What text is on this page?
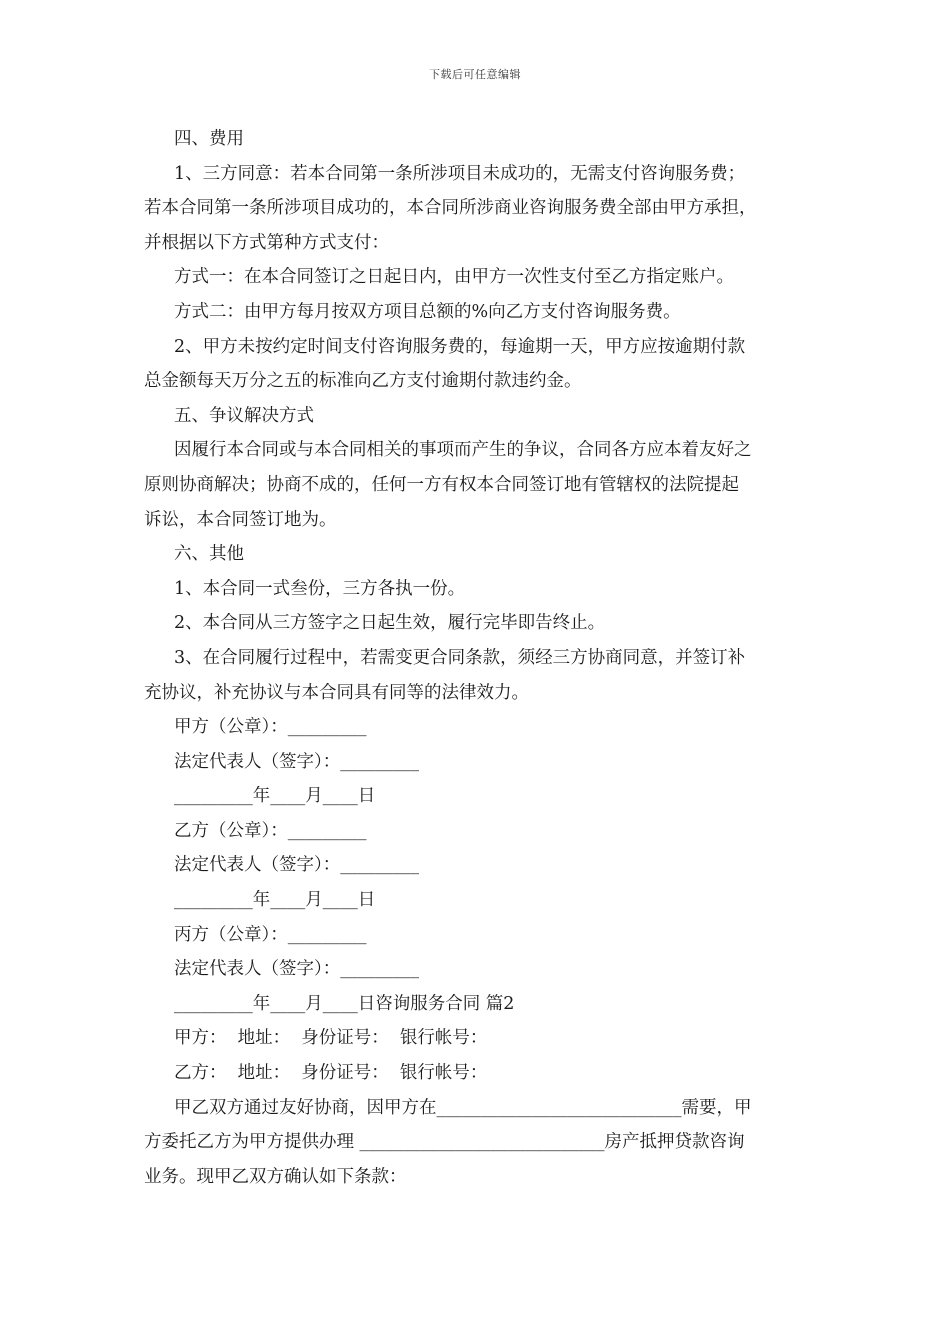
下载后可任意编辑

四、费用

1、三方同意：若本合同第一条所涉项目未成功的，无需支付咨询服务费；

若本合同第一条所涉项目成功的，本合同所涉商业咨询服务费全部由甲方承担，

并根据以下方式第种方式支付：

方式一：在本合同签订之日起日内，由甲方一次性支付至乙方指定账户。

方式二：由甲方每月按双方项目总额的%向乙方支付咨询服务费。

2、甲方未按约定时间支付咨询服务费的，每逾期一天，甲方应按逾期付款

总金额每天万分之五的标准向乙方支付逾期付款违约金。

五、争议解决方式

因履行本合同或与本合同相关的事项而产生的争议，合同各方应本着友好之

原则协商解决；协商不成的，任何一方有权本合同签订地有管辖权的法院提起

诉讼，本合同签订地为。

六、其他

1、本合同一式叁份，三方各执一份。

2、本合同从三方签字之日起生效，履行完毕即告终止。

3、在合同履行过程中，若需变更合同条款，须经三方协商同意，并签订补

充协议，补充协议与本合同具有同等的法律效力。

甲方（公章）：_________

法定代表人（签字）：_________

_________年____月____日

乙方（公章）：_________

法定代表人（签字）：_________

_________年____月____日

丙方（公章）：_________

法定代表人（签字）：_________

_________年____月____日咨询服务合同 篇2

甲方：  地址：  身份证号：  银行帐号：

乙方：  地址：  身份证号：  银行帐号：

甲乙双方通过友好协商，因甲方在____________________________需要，甲

方委托乙方为甲方提供办理 ____________________________房产抵押贷款咨询

业务。现甲乙双方确认如下条款：
